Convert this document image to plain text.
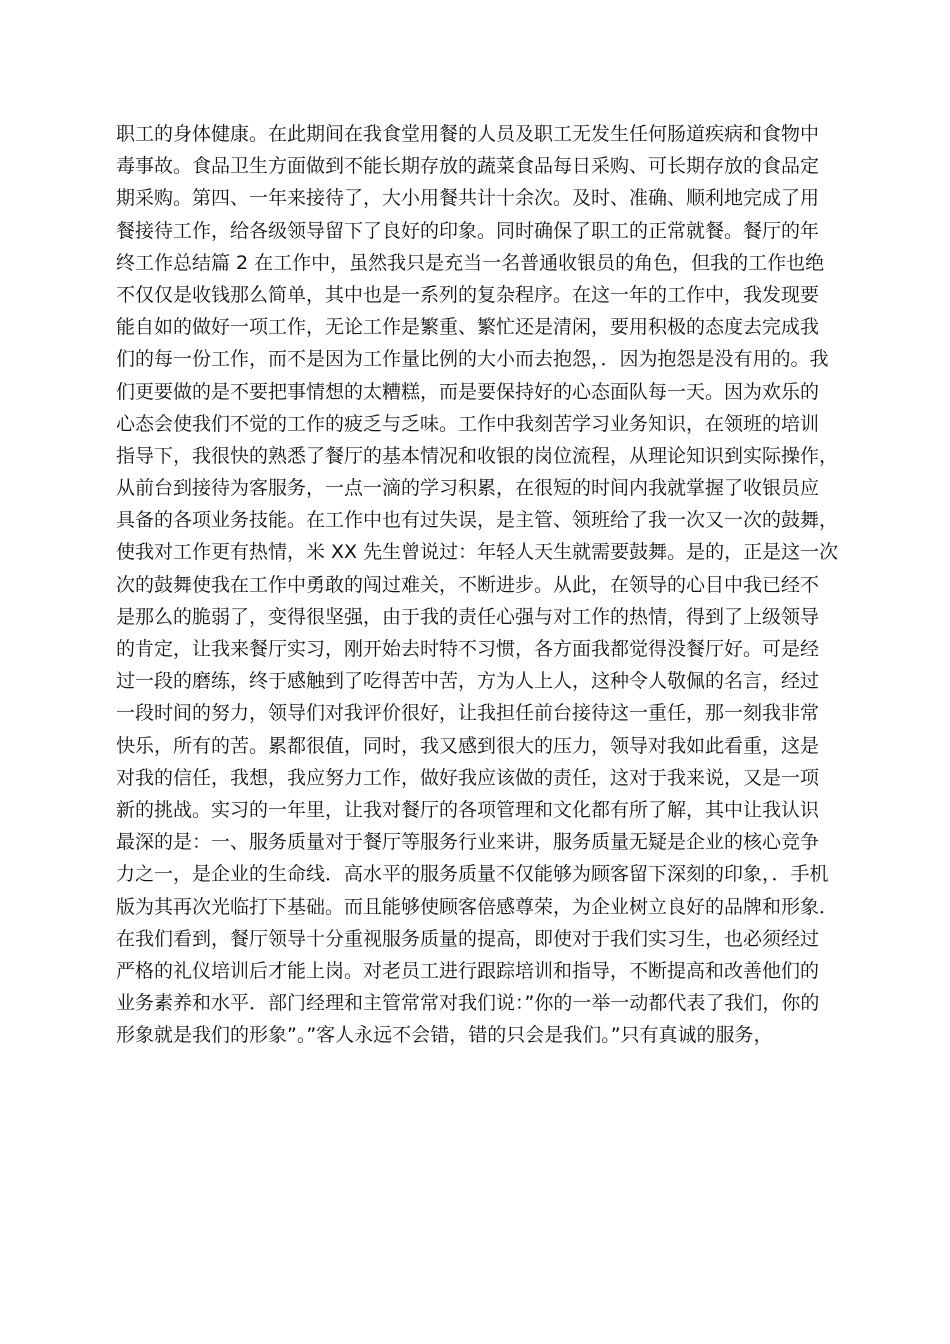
职工的身体健康。在此期间在我食堂用餐的人员及职工无发生任何肠道疾病和食物中
毒事故。食品卫生方面做到不能长期存放的蔬菜食品每日采购、可长期存放的食品定
期采购。第四、一年来接待了，大小用餐共计十余次。及时、准确、顺利地完成了用
餐接待工作，给各级领导留下了良好的印象。同时确保了职工的正常就餐。餐厅的年
终工作总结篇 2 在工作中，虽然我只是充当一名普通收银员的角色，但我的工作也绝
不仅仅是收钱那么简单，其中也是一系列的复杂程序。在这一年的工作中，我发现要
能自如的做好一项工作，无论工作是繁重、繁忙还是清闲，要用积极的态度去完成我
们的每一份工作，而不是因为工作量比例的大小而去抱怨，．因为抱怨是没有用的。我
们更要做的是不要把事情想的太糟糕，而是要保持好的心态面队每一天。因为欢乐的
心态会使我们不觉的工作的疲乏与乏味。工作中我刻苦学习业务知识，在领班的培训
指导下，我很快的熟悉了餐厅的基本情况和收银的岗位流程，从理论知识到实际操作，
从前台到接待为客服务，一点一滴的学习积累，在很短的时间内我就掌握了收银员应
具备的各项业务技能。在工作中也有过失误，是主管、领班给了我一次又一次的鼓舞，
使我对工作更有热情，米 XX 先生曾说过：年轻人天生就需要鼓舞。是的，正是这一次
次的鼓舞使我在工作中勇敢的闯过难关，不断进步。从此，在领导的心目中我已经不
是那么的脆弱了，变得很坚强，由于我的责任心强与对工作的热情，得到了上级领导
的肯定，让我来餐厅实习，刚开始去时特不习惯，各方面我都觉得没餐厅好。可是经
过一段的磨练，终于感触到了吃得苦中苦，方为人上人，这种令人敬佩的名言，经过
一段时间的努力，领导们对我评价很好，让我担任前台接待这一重任，那一刻我非常
快乐，所有的苦。累都很值，同时，我又感到很大的压力，领导对我如此看重，这是
对我的信任，我想，我应努力工作，做好我应该做的责任，这对于我来说，又是一项
新的挑战。实习的一年里，让我对餐厅的各项管理和文化都有所了解，其中让我认识
最深的是：一、服务质量对于餐厅等服务行业来讲，服务质量无疑是企业的核心竞争
力之一，是企业的生命线．高水平的服务质量不仅能够为顾客留下深刻的印象，．手机
版为其再次光临打下基础。而且能够使顾客倍感尊荣，为企业树立良好的品牌和形象．
在我们看到，餐厅领导十分重视服务质量的提高，即使对于我们实习生，也必须经过
严格的礼仪培训后才能上岗。对老员工进行跟踪培训和指导，不断提高和改善他们的
业务素养和水平．部门经理和主管常常对我们说：”你的一举一动都代表了我们，你的
形象就是我们的形象”。”客人永远不会错，错的只会是我们。”只有真诚的服务，
